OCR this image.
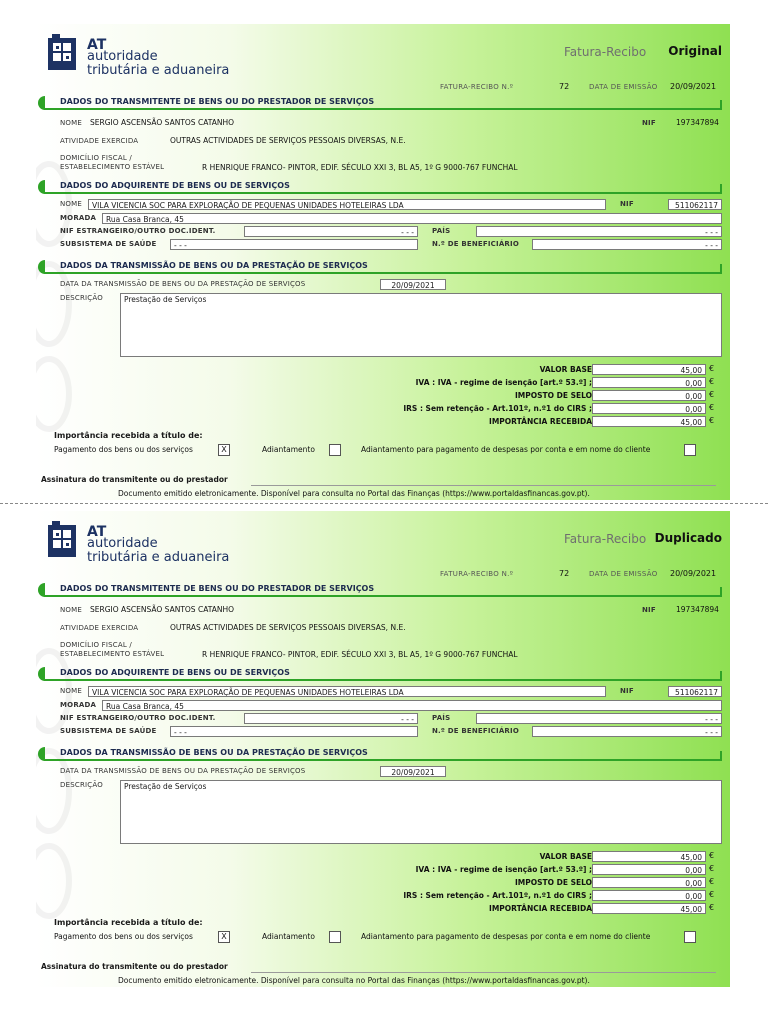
AT
autoridade
tributária e aduaneira
Fatura-Recibo Original
FATURA-RECIBO N.º	72	DATA DE EMISSÃO 20/09/2021
DADOS DO TRANSMITENTE DE BENS OU DO PRESTADOR DE SERVIÇOS
NOME SERGIO ASCENSÃO SANTOS CATANHO	NIF	197347894
ATIVIDADE EXERCIDA	OUTRAS ACTIVIDADES DE SERVIÇOS PESSOAIS DIVERSAS, N.E.
DOMICÍLIO FISCAL /
ESTABELECIMENTO ESTÁVEL	R HENRIQUE FRANCO- PINTOR, EDIF. SÉCULO XXI 3, BL A5, 1º G 9000-767 FUNCHAL
DADOS DO ADQUIRENTE DE BENS OU DE SERVIÇOS
NOME	VILA VICENCIA SOC PARA EXPLORAÇÃO DE PEQUENAS UNIDADES HOTELEIRAS LDA	NIF	511062117
MORADA	Rua Casa Branca, 45
NIF ESTRANGEIRO/OUTRO DOC.IDENT.	- - -	PAÍS	- - -
SUBSISTEMA DE SAÚDE	- - -	N.º DE BENEFICIÁRIO	- - -
DADOS DA TRANSMISSÃO DE BENS OU DA PRESTAÇÃO DE SERVIÇOS
DATA DA TRANSMISSÃO DE BENS OU DA PRESTAÇÃO DE SERVIÇOS	20/09/2021
DESCRIÇÃO	Prestação de Serviços
VALOR BASE	45,00 €
IVA : IVA - regime de isenção [art.º 53.º] ;	0,00 €
IMPOSTO DE SELO	0,00 €
IRS : Sem retenção - Art.101º, n.º1 do CIRS ;	0,00 €
IMPORTÂNCIA RECEBIDA	45,00 €
Importância recebida a título de:
Pagamento dos bens ou dos serviços	X	Adiantamento	Adiantamento para pagamento de despesas por conta e em nome do cliente
Assinatura do transmitente ou do prestador
Documento emitido eletronicamente. Disponível para consulta no Portal das Finanças (https://www.portaldasfinancas.gov.pt).
AT
autoridade
tributária e aduaneira
Fatura-Recibo Duplicado
FATURA-RECIBO N.º	72	DATA DE EMISSÃO 20/09/2021
DADOS DO TRANSMITENTE DE BENS OU DO PRESTADOR DE SERVIÇOS
NOME SERGIO ASCENSÃO SANTOS CATANHO	NIF	197347894
ATIVIDADE EXERCIDA	OUTRAS ACTIVIDADES DE SERVIÇOS PESSOAIS DIVERSAS, N.E.
DOMICÍLIO FISCAL /
ESTABELECIMENTO ESTÁVEL	R HENRIQUE FRANCO- PINTOR, EDIF. SÉCULO XXI 3, BL A5, 1º G 9000-767 FUNCHAL
DADOS DO ADQUIRENTE DE BENS OU DE SERVIÇOS
NOME	VILA VICENCIA SOC PARA EXPLORAÇÃO DE PEQUENAS UNIDADES HOTELEIRAS LDA	NIF	511062117
MORADA	Rua Casa Branca, 45
NIF ESTRANGEIRO/OUTRO DOC.IDENT.	- - -	PAÍS	- - -
SUBSISTEMA DE SAÚDE	- - -	N.º DE BENEFICIÁRIO	- - -
DADOS DA TRANSMISSÃO DE BENS OU DA PRESTAÇÃO DE SERVIÇOS
DATA DA TRANSMISSÃO DE BENS OU DA PRESTAÇÃO DE SERVIÇOS	20/09/2021
DESCRIÇÃO	Prestação de Serviços
VALOR BASE	45,00 €
IVA : IVA - regime de isenção [art.º 53.º] ;	0,00 €
IMPOSTO DE SELO	0,00 €
IRS : Sem retenção - Art.101º, n.º1 do CIRS ;	0,00 €
IMPORTÂNCIA RECEBIDA	45,00 €
Importância recebida a título de:
Pagamento dos bens ou dos serviços	X	Adiantamento	Adiantamento para pagamento de despesas por conta e em nome do cliente
Assinatura do transmitente ou do prestador
Documento emitido eletronicamente. Disponível para consulta no Portal das Finanças (https://www.portaldasfinancas.gov.pt).
